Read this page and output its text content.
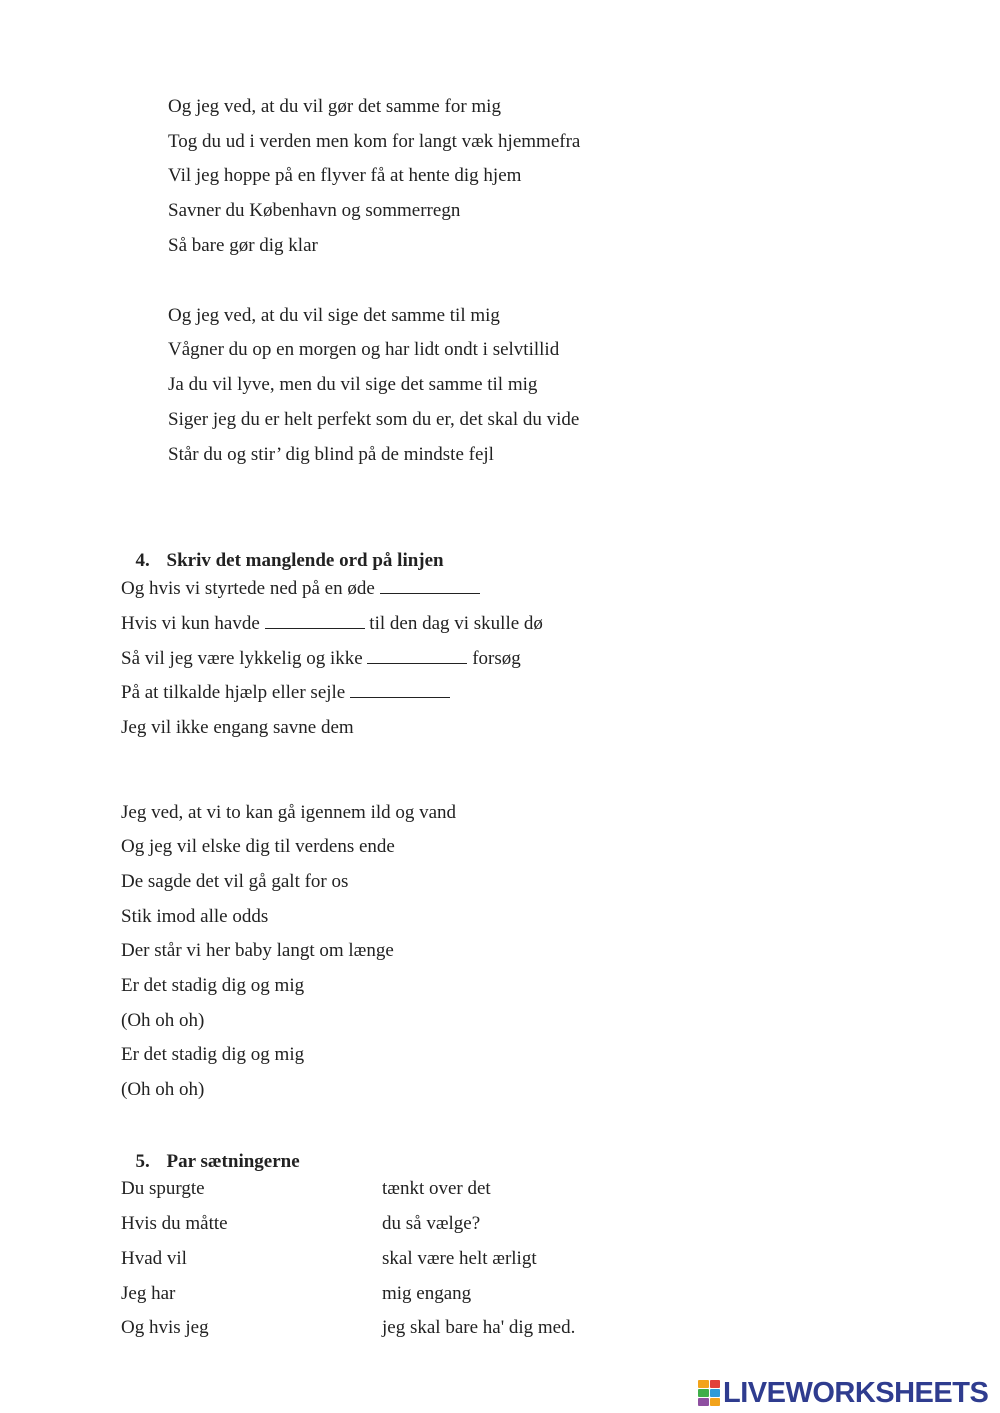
Og jeg ved, at du vil gør det samme for mig
Tog du ud i verden men kom for langt væk hjemmefra
Vil jeg hoppe på en flyver få at hente dig hjem
Savner du København og sommerregn
Så bare gør dig klar
Og jeg ved, at du vil sige det samme til mig
Vågner du op en morgen og har lidt ondt i selvtillid
Ja du vil lyve, men du vil sige det samme til mig
Siger jeg du er helt perfekt som du er, det skal du vide
Står du og stir’ dig blind på de mindste fejl

4. Skriv det manglende ord på linjen

Og hvis vi styrtede ned på en øde
Hvis vi kun havde	til den dag vi skulle dø
Så vil jeg være lykkelig og ikke	forsøg
På at tilkalde hjælp eller sejle
Jeg vil ikke engang savne dem
Jeg ved, at vi to kan gå igennem ild og vand
Og jeg vil elske dig til verdens ende
De sagde det vil gå galt for os
Stik imod alle odds
Der står vi her baby langt om længe
Er det stadig dig og mig
(Oh oh oh)
Er det stadig dig og mig
(Oh oh oh)

5. Par sætningerne

Du spurgte	tænkt over det
Hvis du måtte	du så vælge?
Hvad vil	skal være helt ærligt
Jeg har	mig engang
Og hvis jeg	jeg skal bare ha' dig med.
LIVEWORKSHEETS
